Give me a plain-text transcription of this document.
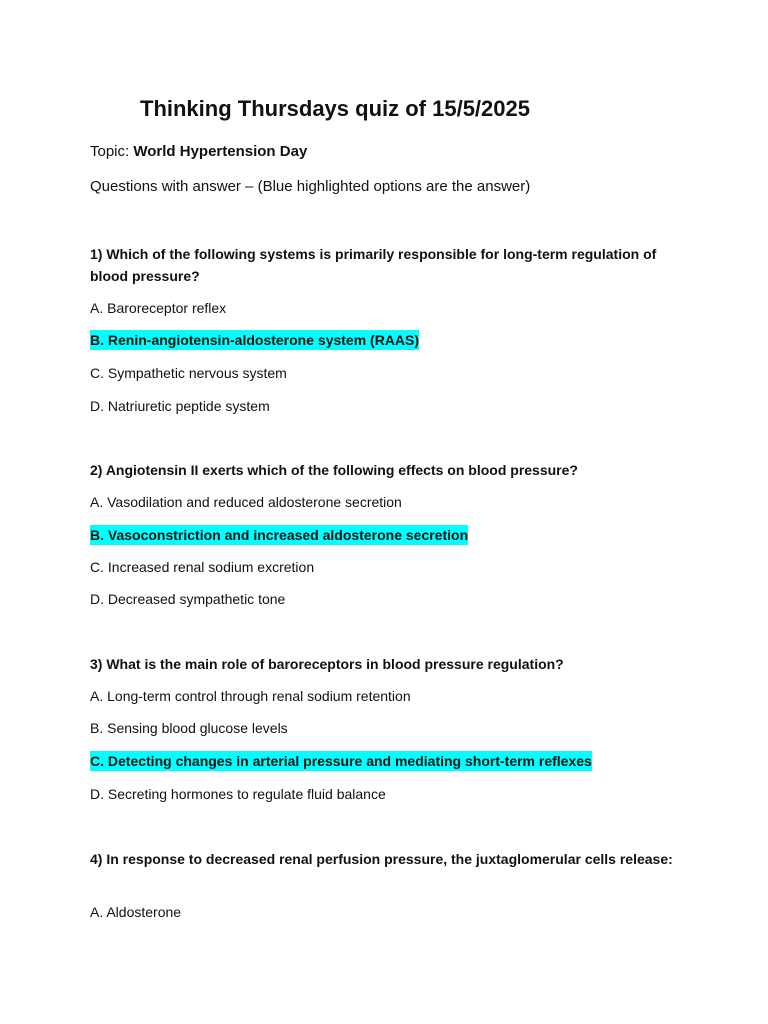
Thinking Thursdays quiz of 15/5/2025
Topic: World Hypertension Day
Questions with answer – (Blue highlighted options are the answer)

1) Which of the following systems is primarily responsible for long-term regulation of blood pressure?

A. Baroreceptor reflex
B. Renin-angiotensin-aldosterone system (RAAS)
C. Sympathetic nervous system
D. Natriuretic peptide system

2) Angiotensin II exerts which of the following effects on blood pressure?

A. Vasodilation and reduced aldosterone secretion
B. Vasoconstriction and increased aldosterone secretion
C. Increased renal sodium excretion
D. Decreased sympathetic tone

3) What is the main role of baroreceptors in blood pressure regulation?

A. Long-term control through renal sodium retention
B. Sensing blood glucose levels
C. Detecting changes in arterial pressure and mediating short-term reflexes
D. Secreting hormones to regulate fluid balance

4) In response to decreased renal perfusion pressure, the juxtaglomerular cells release:

A. Aldosterone
